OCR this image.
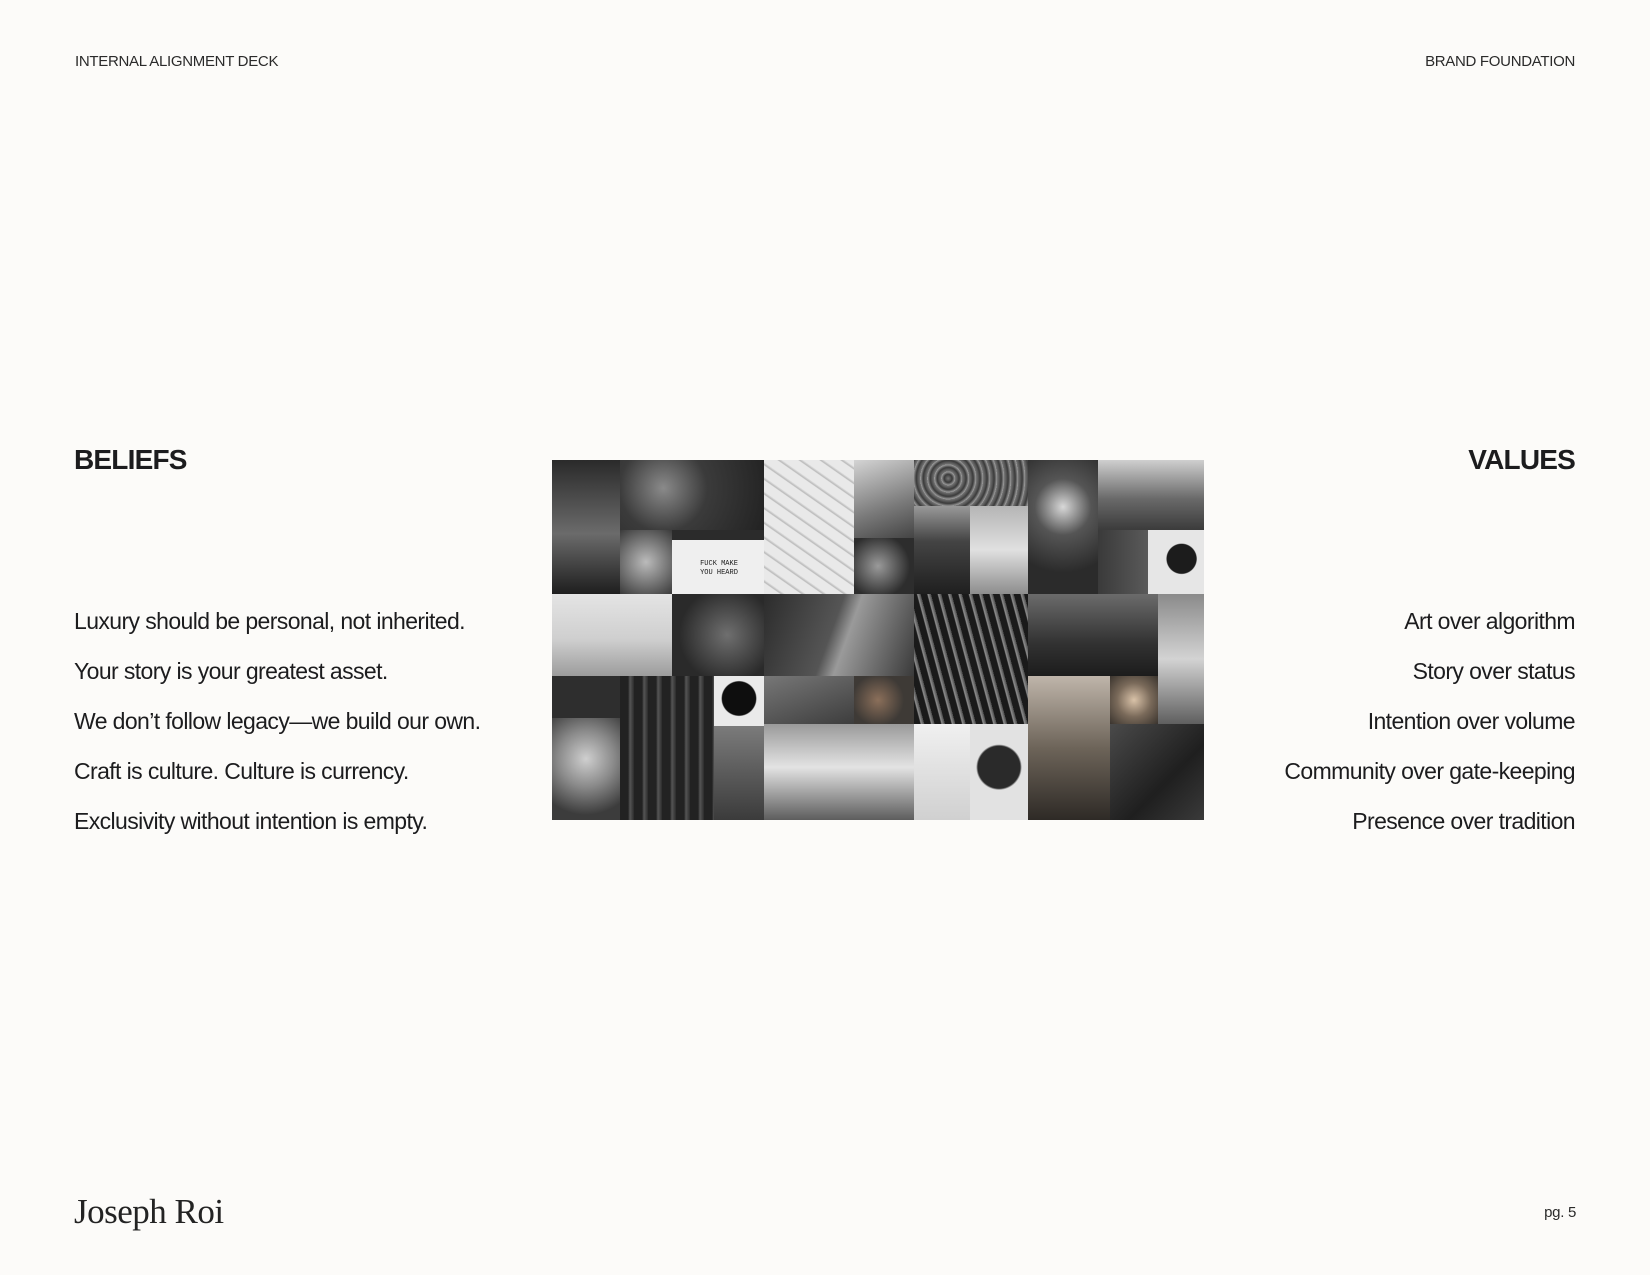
INTERNAL ALIGNMENT DECK	BRAND FOUNDATION
BELIEFS
Luxury should be personal, not inherited.
Your story is your greatest asset.
We don’t follow legacy—we build our own.
Craft is culture. Culture is currency.
Exclusivity without intention is empty.
FUCK MAKE YOU HEARD
VALUES
Art over algorithm
Story over status
Intention over volume
Community over gate-keeping
Presence over tradition
Joseph Roi	pg. 5
